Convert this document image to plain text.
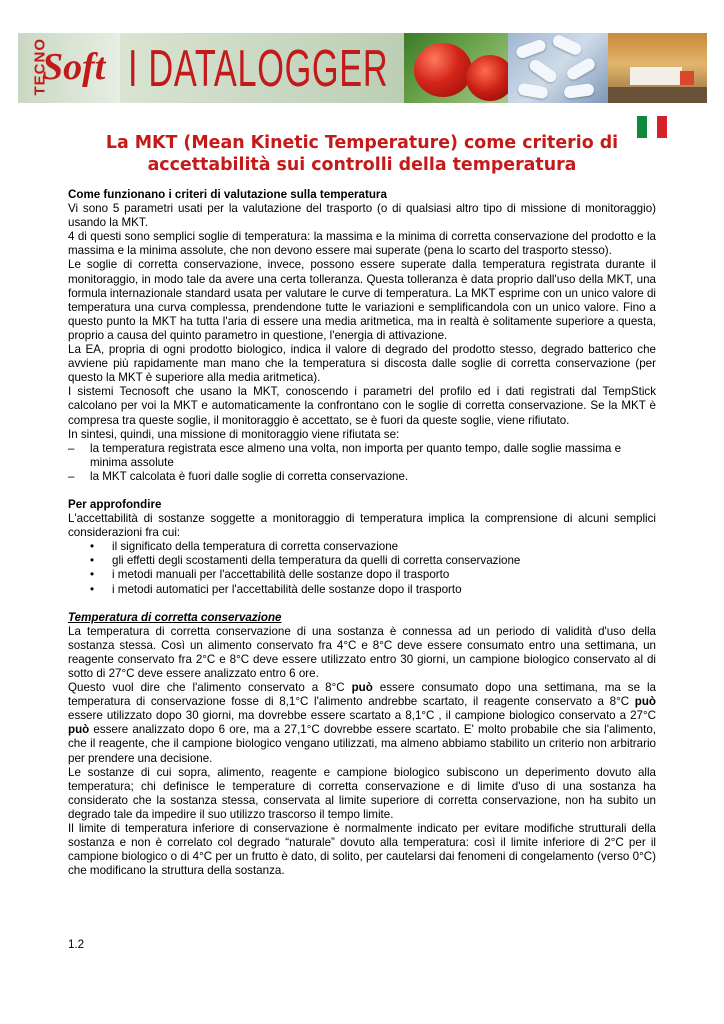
TECNO
Soft I DATALOGGER
La MKT (Mean Kinetic Temperature) come criterio di
accettabilità sui controlli della temperatura
Come funzionano i criteri di valutazione sulla temperatura

Vi sono 5 parametri usati per la valutazione del trasporto (o di qualsiasi altro tipo di missione di monitoraggio) usando la MKT.

4 di questi sono semplici soglie di temperatura: la massima e la minima di corretta conservazione del prodotto e la massima e la minima assolute, che non devono essere mai superate (pena lo scarto del trasporto stesso).

Le soglie di corretta conservazione, invece, possono essere superate dalla temperatura registrata durante il monitoraggio, in modo tale da avere una certa tolleranza. Questa tolleranza è data proprio dall'uso della MKT, una formula internazionale standard usata per valutare le curve di temperatura. La MKT esprime con un unico valore di temperatura una curva complessa, prendendone tutte le variazioni e semplificandola con un unico valore. Fino a questo punto la MKT ha tutta l'aria di essere una media aritmetica, ma in realtà è solitamente superiore a questa, proprio a causa del quinto parametro in questione, l'energia di attivazione.

La EA, propria di ogni prodotto biologico, indica il valore di degrado del prodotto stesso, degrado batterico che avviene più rapidamente man mano che la temperatura si discosta dalle soglie di corretta conservazione (per questo la MKT è superiore alla media aritmetica).

I sistemi Tecnosoft che usano la MKT, conoscendo i parametri del profilo ed i dati registrati dal TempStick calcolano per voi la MKT e automaticamente la confrontano con le soglie di corretta conservazione. Se la MKT è compresa tra queste soglie, il monitoraggio è accettato, se è fuori da queste soglie, viene rifiutato.

In sintesi, quindi, una missione di monitoraggio viene rifiutata se:

– la temperatura registrata esce almeno una volta, non importa per quanto tempo, dalle soglie massima e minima assolute
– la MKT calcolata è fuori dalle soglie di corretta conservazione.
Per approfondire

L'accettabilità di sostanze soggette a monitoraggio di temperatura implica la comprensione di alcuni semplici considerazioni fra cui:

• il significato della temperatura di corretta conservazione
• gli effetti degli scostamenti della temperatura da quelli di corretta conservazione
• i metodi manuali per l'accettabilità delle sostanze dopo il trasporto
• i metodi automatici per l'accettabilità delle sostanze dopo il trasporto
Temperatura di corretta conservazione

La temperatura di corretta conservazione di una sostanza è connessa ad un periodo di validità d'uso della sostanza stessa. Così un alimento conservato fra 4°C e 8°C deve essere consumato entro una settimana, un reagente conservato fra 2°C e 8°C deve essere utilizzato entro 30 giorni, un campione biologico conservato al di sotto di 27°C deve essere analizzato entro 6 ore.

Questo vuol dire che l'alimento conservato a 8°C può essere consumato dopo una settimana, ma se la temperatura di conservazione fosse di 8,1°C l'alimento andrebbe scartato, il reagente conservato a 8°C può essere utilizzato dopo 30 giorni, ma dovrebbe essere scartato a 8,1°C , il campione biologico conservato a 27°C può essere analizzato dopo 6 ore, ma a 27,1°C dovrebbe essere scartato. E' molto probabile che sia l'alimento, che il reagente, che il campione biologico vengano utilizzati, ma almeno abbiamo stabilito un criterio non arbitrario per prendere una decisione.

Le sostanze di cui sopra, alimento, reagente e campione biologico subiscono un deperimento dovuto alla temperatura; chi definisce le temperature di corretta conservazione e di limite d'uso di una sostanza ha considerato che la sostanza stessa, conservata al limite superiore di corretta conservazione, non ha subito un degrado tale da impedire il suo utilizzo trascorso il tempo limite.

Il limite di temperatura inferiore di conservazione è normalmente indicato per evitare modifiche strutturali della sostanza e non è correlato col degrado “naturale” dovuto alla temperatura: così il limite inferiore di 2°C per il campione biologico o di 4°C per un frutto è dato, di solito, per cautelarsi dai fenomeni di congelamento (verso 0°C) che modificano la struttura della sostanza.

1.2
